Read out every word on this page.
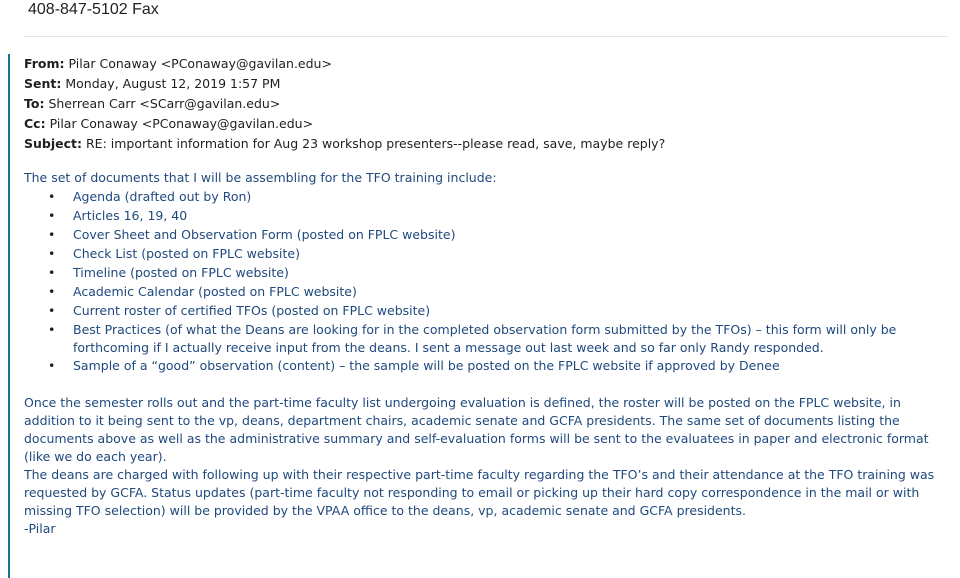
408-847-5102 Fax
From: Pilar Conaway <PConaway@gavilan.edu>
Sent: Monday, August 12, 2019 1:57 PM
To: Sherrean Carr <SCarr@gavilan.edu>
Cc: Pilar Conaway <PConaway@gavilan.edu>
Subject: RE: important information for Aug 23 workshop presenters--please read, save, maybe reply?
The set of documents that I will be assembling for the TFO training include:
• Agenda (drafted out by Ron)
• Articles 16, 19, 40
• Cover Sheet and Observation Form (posted on FPLC website)
• Check List (posted on FPLC website)
• Timeline (posted on FPLC website)
• Academic Calendar (posted on FPLC website)
• Current roster of certified TFOs (posted on FPLC website)
• Best Practices (of what the Deans are looking for in the completed observation form submitted by the TFOs) – this form will only be forthcoming if I actually receive input from the deans. I sent a message out last week and so far only Randy responded.
• Sample of a “good” observation (content) – the sample will be posted on the FPLC website if approved by Denee

Once the semester rolls out and the part-time faculty list undergoing evaluation is defined, the roster will be posted on the FPLC website, in addition to it being sent to the vp, deans, department chairs, academic senate and GCFA presidents. The same set of documents listing the documents above as well as the administrative summary and self-evaluation forms will be sent to the evaluatees in paper and electronic format (like we do each year).

The deans are charged with following up with their respective part-time faculty regarding the TFO’s and their attendance at the TFO training was requested by GCFA. Status updates (part-time faculty not responding to email or picking up their hard copy correspondence in the mail or with missing TFO selection) will be provided by the VPAA office to the deans, vp, academic senate and GCFA presidents.

-Pilar
